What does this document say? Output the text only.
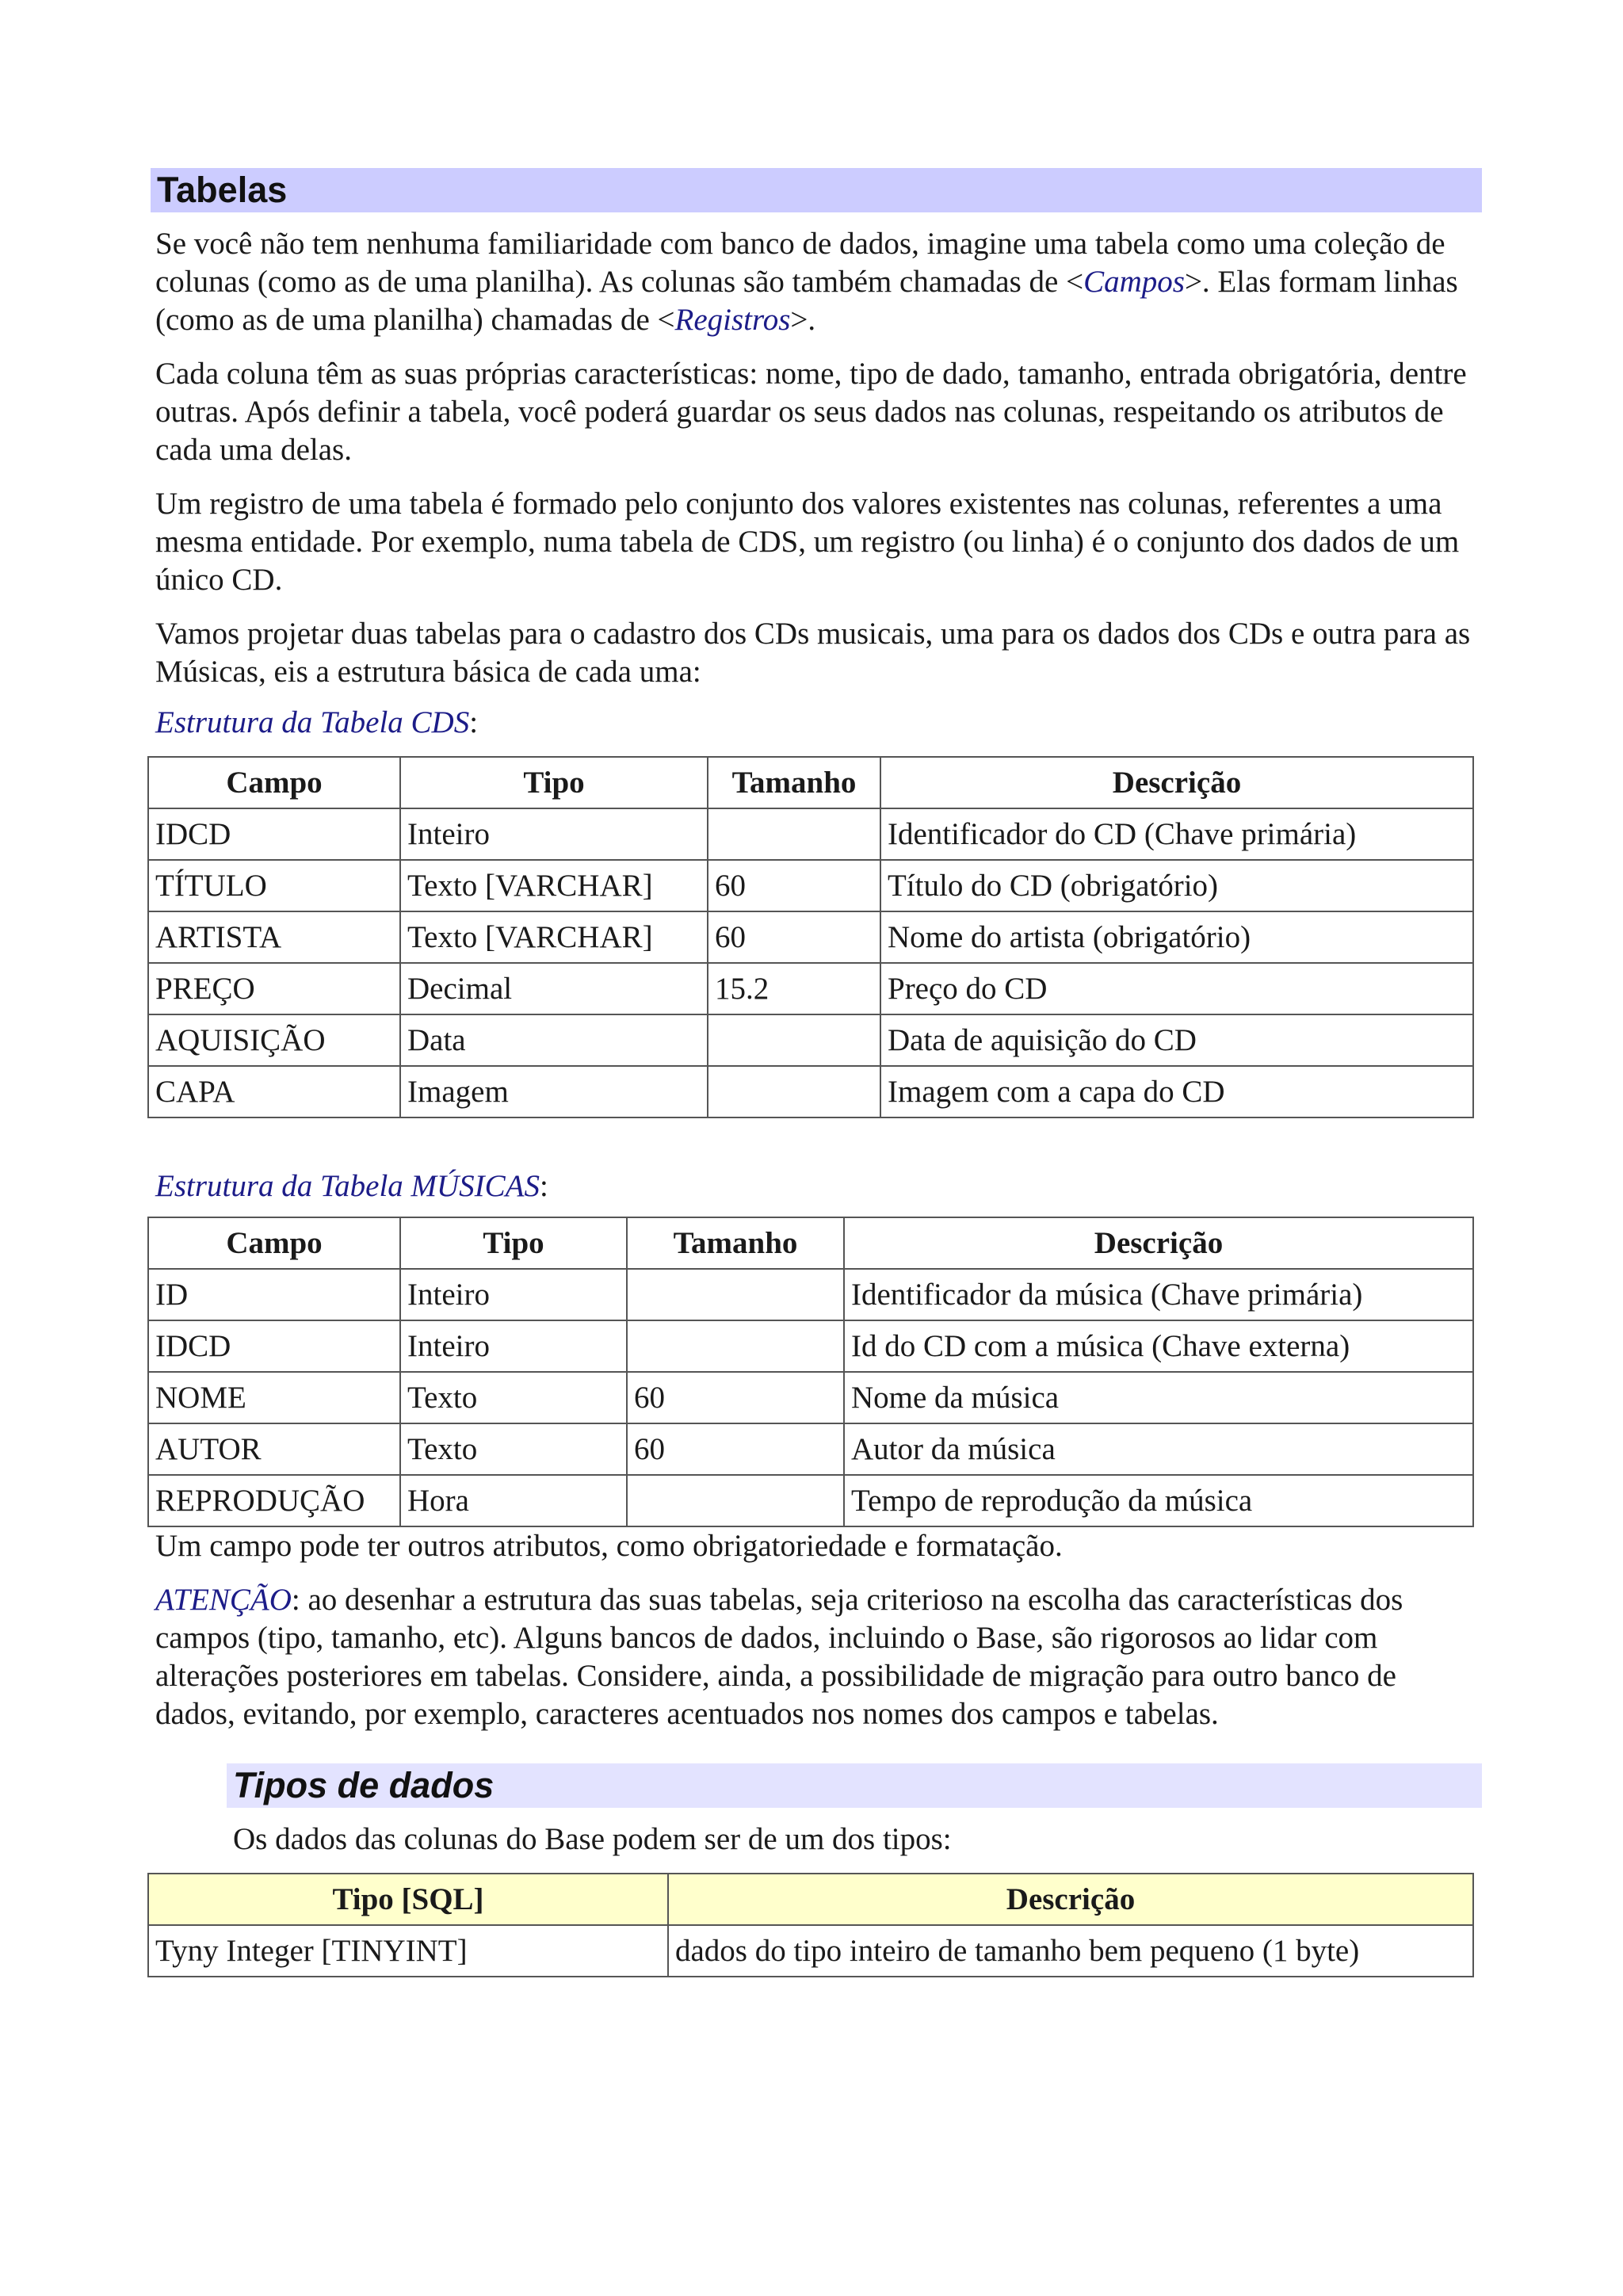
Tabelas

Se você não tem nenhuma familiaridade com banco de dados, imagine uma tabela como uma coleção de colunas (como as de uma planilha). As colunas são também chamadas de <Campos>. Elas formam linhas (como as de uma planilha) chamadas de <Registros>.

Cada coluna têm as suas próprias características: nome, tipo de dado, tamanho, entrada obrigatória, dentre outras. Após definir a tabela, você poderá guardar os seus dados nas colunas, respeitando os atributos de cada uma delas.

Um registro de uma tabela é formado pelo conjunto dos valores existentes nas colunas, referentes a uma mesma entidade. Por exemplo, numa tabela de CDS, um registro (ou linha) é o conjunto dos dados de um único CD.

Vamos projetar duas tabelas para o cadastro dos CDs musicais, uma para os dados dos CDs e outra para as Músicas, eis a estrutura básica de cada uma:

Estrutura da Tabela CDS:
Campo	Tipo	Tamanho	Descrição
IDCD	Inteiro		Identificador do CD (Chave primária)
TÍTULO	Texto [VARCHAR]	60	Título do CD (obrigatório)
ARTISTA	Texto [VARCHAR]	60	Nome do artista (obrigatório)
PREÇO	Decimal	15.2	Preço do CD
AQUISIÇÃO	Data		Data de aquisição do CD
CAPA	Imagem		Imagem com a capa do CD
Estrutura da Tabela MÚSICAS:
Campo	Tipo	Tamanho	Descrição
ID	Inteiro		Identificador da música (Chave primária)
IDCD	Inteiro		Id do CD com a música (Chave externa)
NOME	Texto	60	Nome da música
AUTOR	Texto	60	Autor da música
REPRODUÇÃO	Hora		Tempo de reprodução da música

Um campo pode ter outros atributos, como obrigatoriedade e formatação.

ATENÇÃO: ao desenhar a estrutura das suas tabelas, seja criterioso na escolha das características dos campos (tipo, tamanho, etc). Alguns bancos de dados, incluindo o Base, são rigorosos ao lidar com alterações posteriores em tabelas. Considere, ainda, a possibilidade de migração para outro banco de dados, evitando, por exemplo, caracteres acentuados nos nomes dos campos e tabelas.

Tipos de dados

Os dados das colunas do Base podem ser de um dos tipos:

Tipo [SQL]	Descrição
Tyny Integer [TINYINT]	dados do tipo inteiro de tamanho bem pequeno (1 byte)
